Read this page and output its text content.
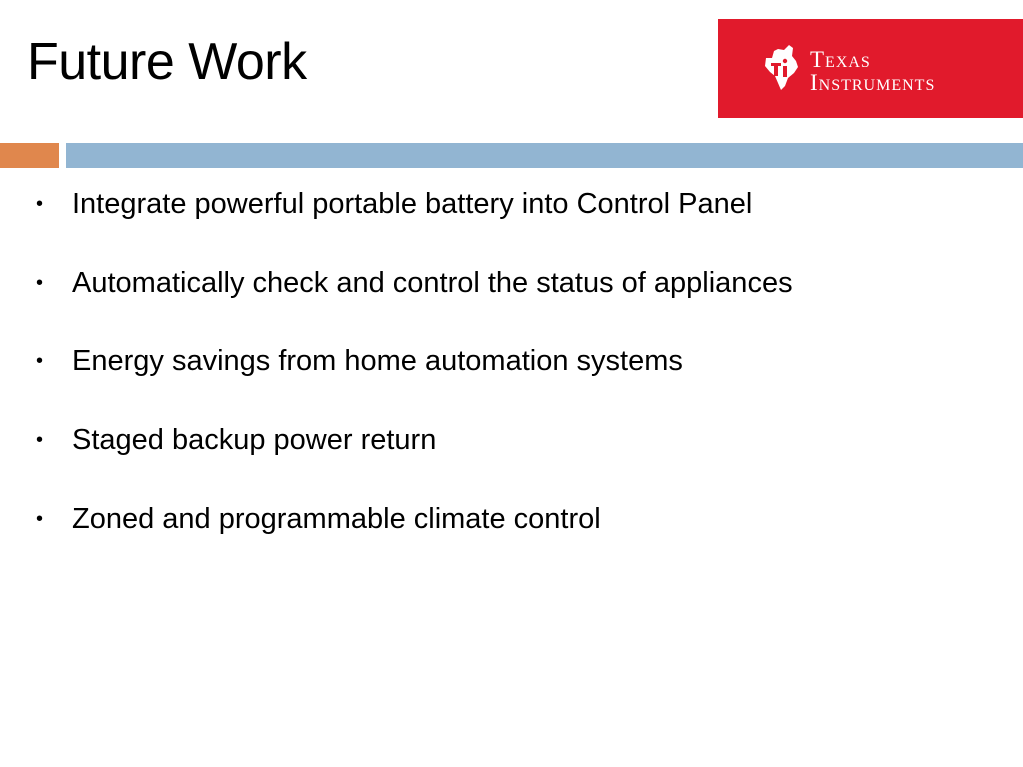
Future Work	Texas
Instruments
• Integrate powerful portable battery into Control Panel
• Automatically check and control the status of appliances
• Energy savings from home automation systems
• Staged backup power return
• Zoned and programmable climate control
